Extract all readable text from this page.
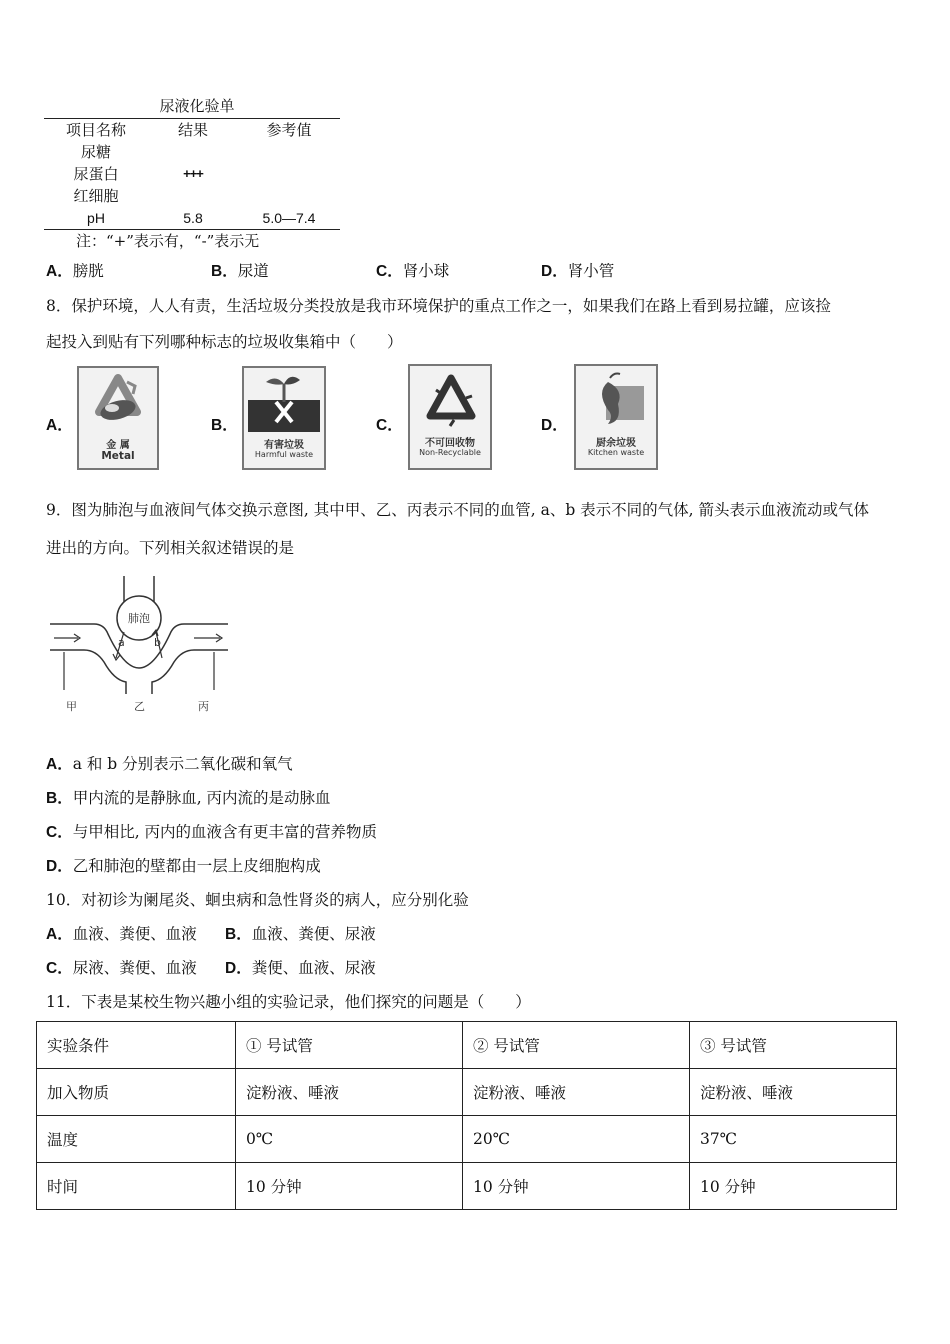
尿液化验单
项目名称	结果	参考值
尿糖		
尿蛋白	+++	
红细胞		
pH	5.8	5.0—7.4
注：“+”表示有，“-”表示无
A．膀胱	B．尿道	C．肾小球	D．肾小管
8．保护环境，人人有责，生活垃圾分类投放是我市环境保护的重点工作之一，如果我们在路上看到易拉罐，应该捡
起投入到贴有下列哪种标志的垃圾收集箱中（　　）
A．
金 属
Metal
B．
有害垃圾
Harmful waste
C．
不可回收物
Non-Recyclable
D．
厨余垃圾
Kitchen waste
9．图为肺泡与血液间气体交换示意图, 其中甲、乙、丙表示不同的血管, a、b 表示不同的气体, 箭头表示血液流动或气体
进出的方向。下列相关叙述错误的是
肺泡
a	b
甲	乙	丙
A．a 和 b 分别表示二氧化碳和氧气
B．甲内流的是静脉血, 丙内流的是动脉血
C．与甲相比, 丙内的血液含有更丰富的营养物质
D．乙和肺泡的壁都由一层上皮细胞构成
10．对初诊为阑尾炎、蛔虫病和急性肾炎的病人，应分别化验
A．血液、粪便、血液 B．血液、粪便、尿液
C．尿液、粪便、血液 D．粪便、血液、尿液
11．下表是某校生物兴趣小组的实验记录，他们探究的问题是（　　）
实验条件	① 号试管	② 号试管	③ 号试管
加入物质	淀粉液、唾液	淀粉液、唾液	淀粉液、唾液
温度	0℃	20℃	37℃
时间	10 分钟	10 分钟	10 分钟
